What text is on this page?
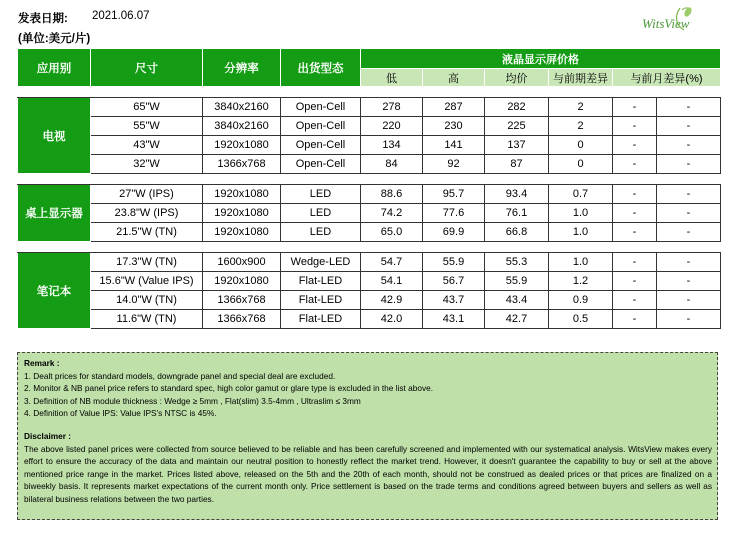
发表日期: 2021.06.07
(单位:美元/片)
WitsView
应用别	尺寸	分辨率	出货型态	液晶显示屏价格					
				低	高	均价	与前期差异	与前月差异(%)	

电视	65"W	3840x2160	Open-Cell	278	287	282	2	-	-
	55"W	3840x2160	Open-Cell	220	230	225	2	-	-
	43"W	1920x1080	Open-Cell	134	141	137	0	-	-
	32"W	1366x768	Open-Cell	84	92	87	0	-	-

桌上显示器	27"W (IPS)	1920x1080	LED	88.6	95.7	93.4	0.7	-	-
	23.8"W (IPS)	1920x1080	LED	74.2	77.6	76.1	1.0	-	-
	21.5"W (TN)	1920x1080	LED	65.0	69.9	66.8	1.0	-	-

笔记本	17.3"W (TN)	1600x900	Wedge-LED	54.7	55.9	55.3	1.0	-	-
	15.6"W (Value IPS)	1920x1080	Flat-LED	54.1	56.7	55.9	1.2	-	-
	14.0"W (TN)	1366x768	Flat-LED	42.9	43.7	43.4	0.9	-	-
	11.6"W (TN)	1366x768	Flat-LED	42.0	43.1	42.7	0.5	-	-

Remark :

1. Dealt prices for standard models, downgrade panel and special deal are excluded.

2. Monitor & NB panel price refers to standard spec, high color gamut or glare type is excluded in the list above.

3. Definition of NB module thickness : Wedge ≥ 5mm , Flat(slim) 3.5-4mm , Ultraslim ≤ 3mm

4. Definition of Value IPS: Value IPS's NTSC is 45%.

Disclaimer :

The above listed panel prices were collected from source believed to be reliable and has been carefully screened and implemented with our systematical analysis. WitsView makes every effort to ensure the accuracy of the data and maintain our neutral position to honestly reflect the market trend. However, it doesn't guarantee the capability to buy or sell at the above mentioned price range in the market. Prices listed above, released on the 5th and the 20th of each month, should not be construed as dealed prices or that prices are finalized on a biweekly basis. It represents market expectations of the current month only. Price settlement is based on the trade terms and conditions agreed between buyers and sellers as well as bilateral business relations between the two parties.
